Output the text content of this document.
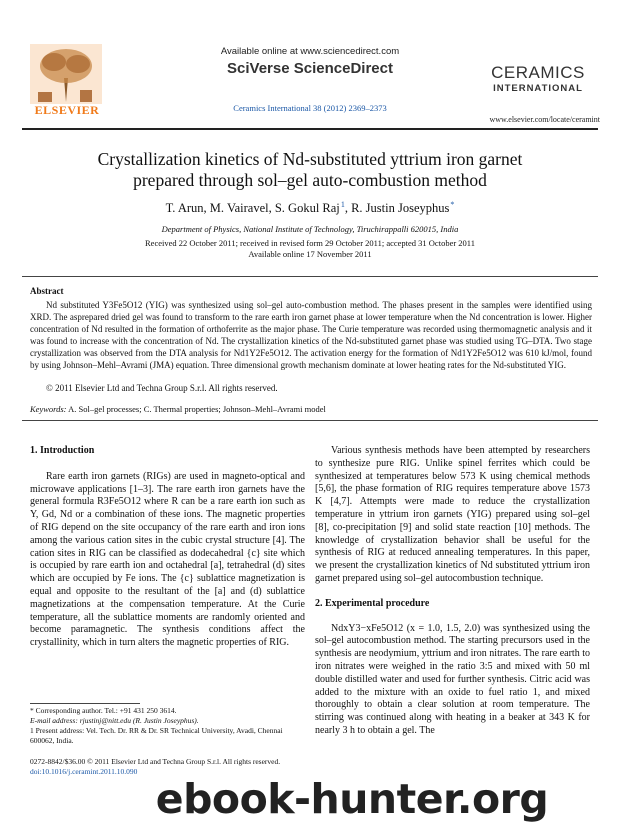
ELSEVIER
Available online at www.sciencedirect.com
SciVerse ScienceDirect
Ceramics International 38 (2012) 2369–2373
CERAMICS
INTERNATIONAL
www.elsevier.com/locate/ceramint
Crystallization kinetics of Nd-substituted yttrium iron garnet
prepared through sol–gel auto-combustion method
T. Arun, M. Vairavel, S. Gokul Raj $^1$, R. Justin Joseyphus *
Department of Physics, National Institute of Technology, Tiruchirappalli 620015, India
Received 22 October 2011; received in revised form 29 October 2011; accepted 31 October 2011
Available online 17 November 2011
Abstract

Nd substituted Y3Fe5O12 (YIG) was synthesized using sol–gel auto-combustion method. The phases present in the samples were identified using XRD. The asprepared dried gel was found to transform to the rare earth iron garnet phase at lower temperature when the Nd concentration is lower. Higher concentration of Nd resulted in the formation of orthoferrite as the major phase. The Curie temperature was recorded using thermomagnetic analysis and it was found to increase with the concentration of Nd. The crystallization kinetics of the Nd-substituted garnet phase was studied using TG–DTA. Two stage crystallization was observed from the DTA analysis for Nd1Y2Fe5O12. The activation energy for the formation of Nd1Y2Fe5O12 was 610 kJ/mol, found by using Johnson–Mehl–Avrami (JMA) equation. Three dimensional growth mechanism dominate at lower heating rates for the Nd-substituted YIG.

© 2011 Elsevier Ltd and Techna Group S.r.l. All rights reserved.
Keywords: A. Sol–gel processes; C. Thermal properties; Johnson–Mehl–Avrami model
1. Introduction

Rare earth iron garnets (RIGs) are used in magneto-optical and microwave applications [1–3]. The rare earth iron garnets have the general formula R3Fe5O12 where R can be a rare earth ion such as Y, Gd, Nd or a combination of these ions. The magnetic properties of RIG depend on the site occupancy of the rare earth and iron ions among the various cation sites in the cubic crystal structure [4]. The cation sites in RIG can be classified as dodecahedral {c} site which is occupied by rare earth ion and octahedral [a], tetrahedral (d) sites which are occupied by Fe ions. The {c} sublattice magnetization is equal and opposite to the resultant of the [a] and (d) sublattice magnetizations at the compensation temperature. At the Curie temperature, all the sublattice moments are randomly oriented and become paramagnetic. The synthesis conditions affect the crystallinity, which in turn alters the magnetic properties of RIG.

* Corresponding author. Tel.: +91 431 250 3614.
E-mail address: rjustinj@nitt.edu (R. Justin Joseyphus).
1 Present address: Vel. Tech. Dr. RR & Dr. SR Technical University, Avadi, Chennai 600062, India.

Various synthesis methods have been attempted by researchers to synthesize pure RIG. Unlike spinel ferrites which could be synthesized at temperatures below 573 K using chemical methods [5,6], the phase formation of RIG requires temperature above 1573 K [4,7]. Attempts were made to reduce the crystallization temperature in yttrium iron garnets (YIG) prepared using sol–gel [8], co-precipitation [9] and solid state reaction [10] methods. The knowledge of crystallization behavior shall be useful for the synthesis of RIG at reduced annealing temperatures. In this paper, we present the crystallization kinetics of Nd substituted yttrium iron garnet prepared using sol–gel autocombustion technique.

2. Experimental procedure

NdxY3−xFe5O12 (x = 1.0, 1.5, 2.0) was synthesized using the sol–gel autocombustion method. The starting precursors used in the synthesis are neodymium, yttrium and iron nitrates. The rare earth to iron nitrates were weighed in the ratio 3:5 and mixed with 50 ml double distilled water and used for further synthesis. Citric acid was added to the mixture with an oxide to fuel ratio 1, and mixed thoroughly to obtain a clear solution at room temperature. The stirring was continued along with heating in a beaker at 343 K for nearly 3 h to obtain a gel. The

0272-8842/$36.00 © 2011 Elsevier Ltd and Techna Group S.r.l. All rights reserved.
doi:10.1016/j.ceramint.2011.10.090
ebook-hunter.org
